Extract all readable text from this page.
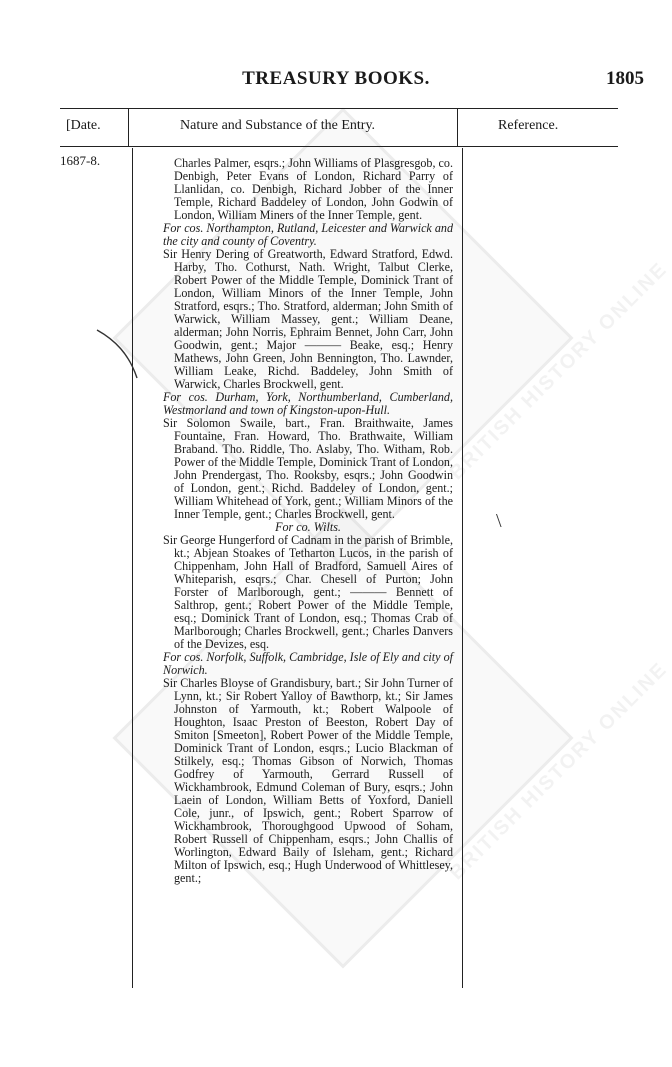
BRITISH HISTORY ONLINE
BRITISH HISTORY ONLINE
TREASURY BOOKS.	1805
[Date.	Nature and Substance of the Entry.	Reference.
1687-8.
\

Charles Palmer, esqrs.; John Williams of Plasgresgob, co. Denbigh, Peter Evans of London, Richard Parry of Llanlidan, co. Denbigh, Richard Jobber of the Inner Temple, Richard Baddeley of London, John Godwin of London, William Miners of the Inner Temple, gent.

For cos. Northampton, Rutland, Leicester and Warwick and the city and county of Coventry.

Sir Henry Dering of Greatworth, Edward Stratford, Edwd. Harby, Tho. Cothurst, Nath. Wright, Talbut Clerke, Robert Power of the Middle Temple, Dominick Trant of London, William Minors of the Inner Temple, John Stratford, esqrs.; Tho. Stratford, alderman; John Smith of Warwick, William Massey, gent.; William Deane, alderman; John Norris, Ephraim Bennet, John Carr, John Goodwin, gent.; Major ——— Beake, esq.; Henry Mathews, John Green, John Bennington, Tho. Lawnder, William Leake, Richd. Baddeley, John Smith of Warwick, Charles Brockwell, gent.

For cos. Durham, York, Northumberland, Cumberland, Westmorland and town of Kingston-upon-Hull.

Sir Solomon Swaile, bart., Fran. Braithwaite, James Fountaine, Fran. Howard, Tho. Brathwaite, William Braband. Tho. Riddle, Tho. Aslaby, Tho. Witham, Rob. Power of the Middle Temple, Dominick Trant of London, John Prendergast, Tho. Rooksby, esqrs.; John Goodwin of London, gent.; Richd. Baddeley of London, gent.; William Whitehead of York, gent.; William Minors of the Inner Temple, gent.; Charles Brockwell, gent.

For co. Wilts.

Sir George Hungerford of Cadnam in the parish of Brimble, kt.; Abjean Stoakes of Tetharton Lucos, in the parish of Chippenham, John Hall of Bradford, Samuell Aires of Whiteparish, esqrs.; Char. Chesell of Purton; John Forster of Marlborough, gent.; ——— Bennett of Salthrop, gent.; Robert Power of the Middle Temple, esq.; Dominick Trant of London, esq.; Thomas Crab of Marlborough; Charles Brockwell, gent.; Charles Danvers of the Devizes, esq.

For cos. Norfolk, Suffolk, Cambridge, Isle of Ely and city of Norwich.

Sir Charles Bloyse of Grandisbury, bart.; Sir John Turner of Lynn, kt.; Sir Robert Yalloy of Bawthorp, kt.; Sir James Johnston of Yarmouth, kt.; Robert Walpoole of Houghton, Isaac Preston of Beeston, Robert Day of Smiton [Smeeton], Robert Power of the Middle Temple, Dominick Trant of London, esqrs.; Lucio Blackman of Stilkely, esq.; Thomas Gibson of Norwich, Thomas Godfrey of Yarmouth, Gerrard Russell of Wickhambrook, Edmund Coleman of Bury, esqrs.; John Laein of London, William Betts of Yoxford, Daniell Cole, junr., of Ipswich, gent.; Robert Sparrow of Wickhambrook, Thoroughgood Upwood of Soham, Robert Russell of Chippenham, esqrs.; John Challis of Worlington, Edward Baily of Isleham, gent.; Richard Milton of Ipswich, esq.; Hugh Underwood of Whittlesey, gent.;
